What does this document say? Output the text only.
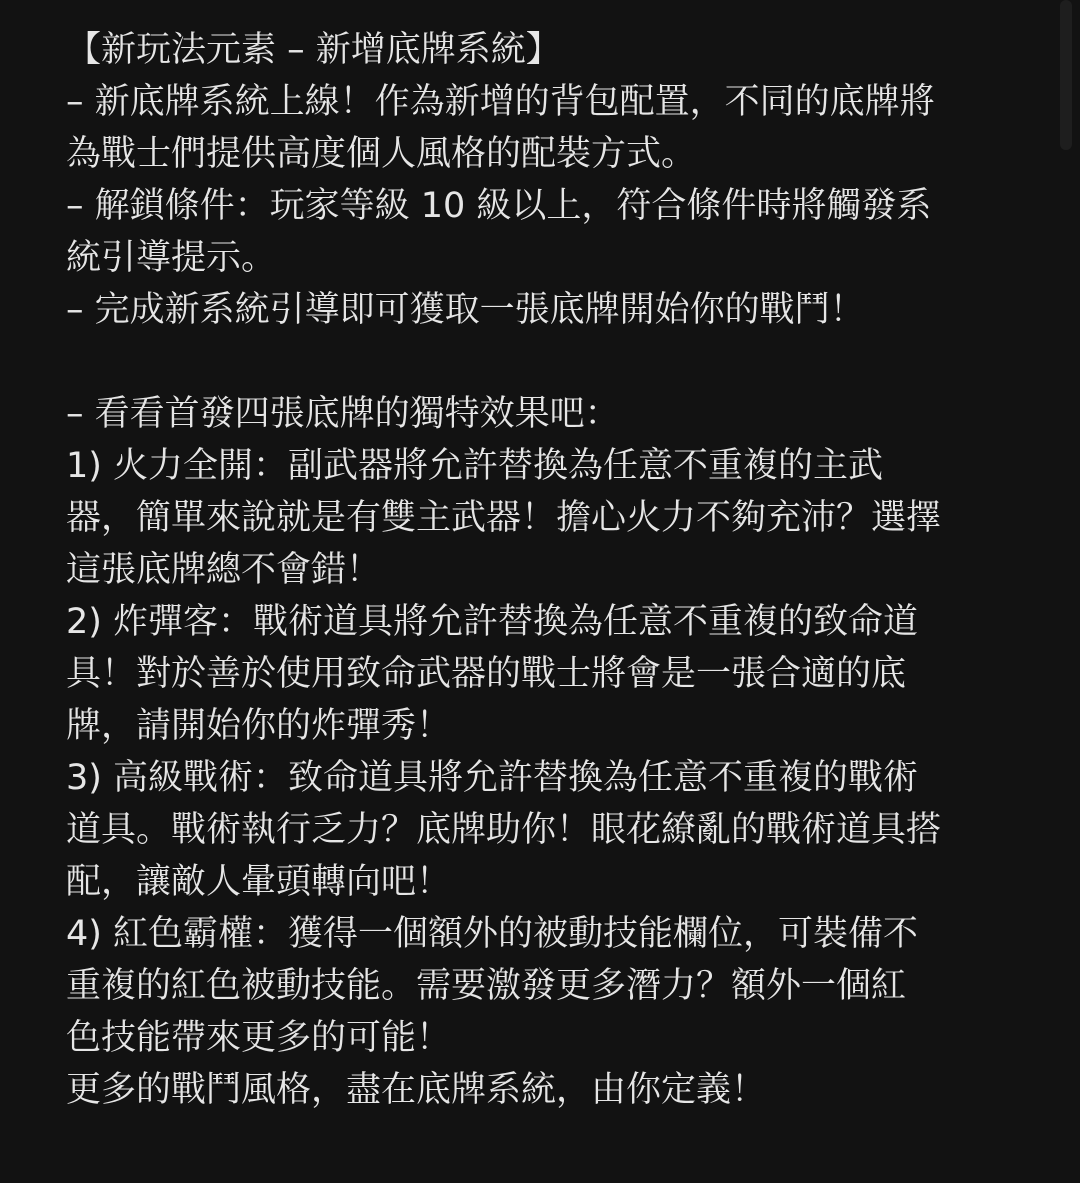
【新玩法元素 – 新增底牌系統】
– 新底牌系統上線！作為新增的背包配置，不同的底牌將
為戰士們提供高度個人風格的配裝方式。
– 解鎖條件：玩家等級 10 級以上，符合條件時將觸發系
統引導提示。
– 完成新系統引導即可獲取一張底牌開始你的戰鬥！
– 看看首發四張底牌的獨特效果吧：
1) 火力全開：副武器將允許替換為任意不重複的主武
器，簡單來說就是有雙主武器！擔心火力不夠充沛？選擇
這張底牌總不會錯！
2) 炸彈客：戰術道具將允許替換為任意不重複的致命道
具！對於善於使用致命武器的戰士將會是一張合適的底
牌，請開始你的炸彈秀！
3) 高級戰術：致命道具將允許替換為任意不重複的戰術
道具。戰術執行乏力？底牌助你！眼花繚亂的戰術道具搭
配，讓敵人暈頭轉向吧！
4) 紅色霸權：獲得一個額外的被動技能欄位，可裝備不
重複的紅色被動技能。需要激發更多潛力？額外一個紅
色技能帶來更多的可能！
更多的戰鬥風格，盡在底牌系統，由你定義！
